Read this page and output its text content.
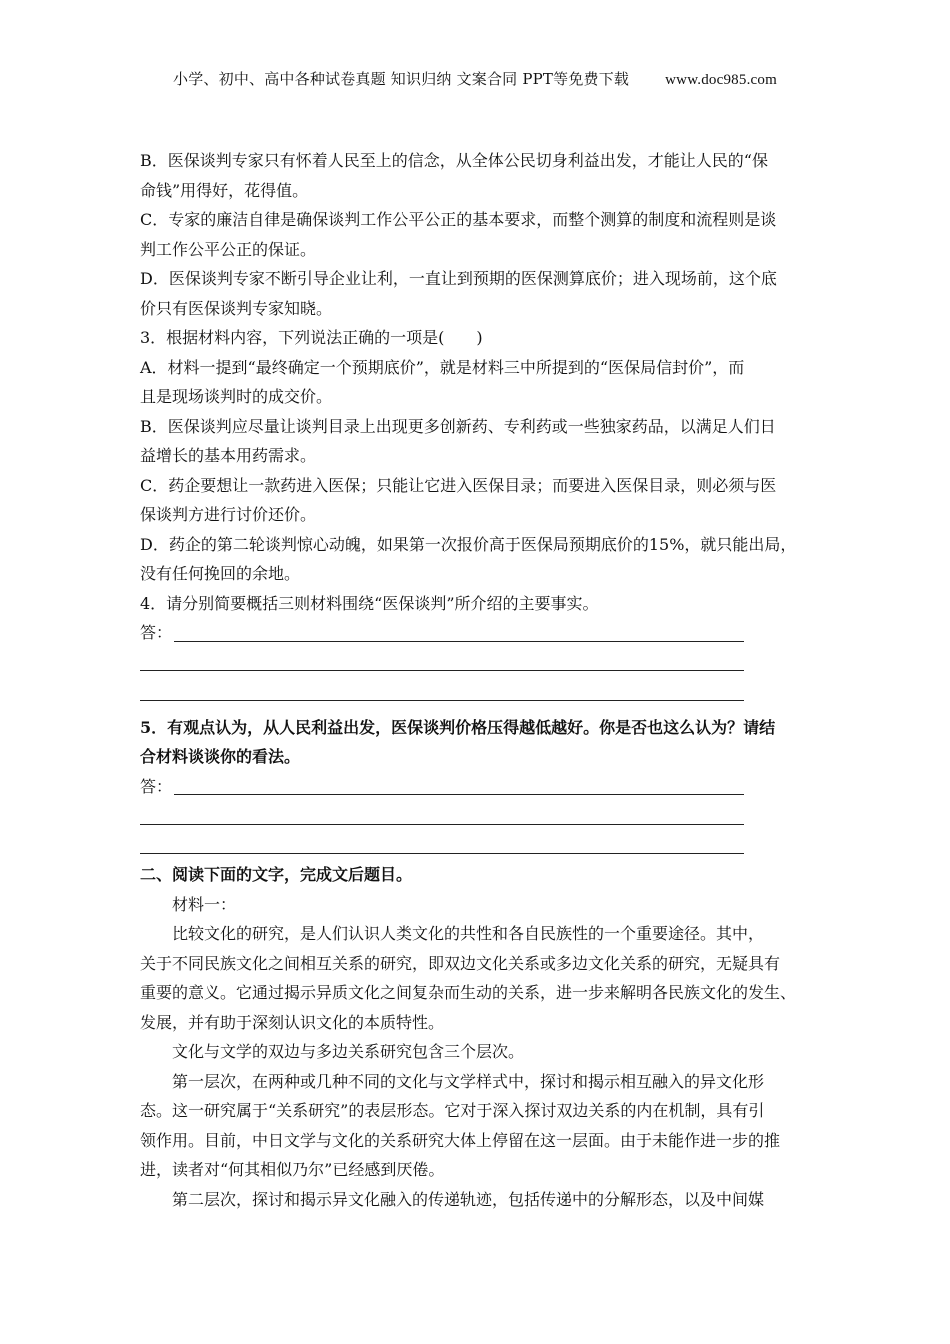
小学、初中、高中各种试卷真题 知识归纳 文案合同 PPT等免费下载 www.doc985.com

B．医保谈判专家只有怀着人民至上的信念，从全体公民切身利益出发，才能让人民的“保

命钱”用得好，花得值。

C．专家的廉洁自律是确保谈判工作公平公正的基本要求，而整个测算的制度和流程则是谈

判工作公平公正的保证。

D．医保谈判专家不断引导企业让利，一直让到预期的医保测算底价；进入现场前，这个底

价只有医保谈判专家知晓。

3．根据材料内容，下列说法正确的一项是(　　)

A．材料一提到“最终确定一个预期底价”，就是材料三中所提到的“医保局信封价”，而

且是现场谈判时的成交价。

B．医保谈判应尽量让谈判目录上出现更多创新药、专利药或一些独家药品，以满足人们日

益增长的基本用药需求。

C．药企要想让一款药进入医保；只能让它进入医保目录；而要进入医保目录，则必须与医

保谈判方进行讨价还价。

D．药企的第二轮谈判惊心动魄，如果第一次报价高于医保局预期底价的15%，就只能出局，

没有任何挽回的余地。

4．请分别简要概括三则材料围绕“医保谈判”所介绍的主要事实。

答：

5．有观点认为，从人民利益出发，医保谈判价格压得越低越好。你是否也这么认为？请结

合材料谈谈你的看法。

答：

二、阅读下面的文字，完成文后题目。

材料一：

比较文化的研究，是人们认识人类文化的共性和各自民族性的一个重要途径。其中，

关于不同民族文化之间相互关系的研究，即双边文化关系或多边文化关系的研究，无疑具有

重要的意义。它通过揭示异质文化之间复杂而生动的关系，进一步来解明各民族文化的发生、

发展，并有助于深刻认识文化的本质特性。

文化与文学的双边与多边关系研究包含三个层次。

第一层次，在两种或几种不同的文化与文学样式中，探讨和揭示相互融入的异文化形

态。这一研究属于“关系研究”的表层形态。它对于深入探讨双边关系的内在机制，具有引

领作用。目前，中日文学与文化的关系研究大体上停留在这一层面。由于未能作进一步的推

进，读者对“何其相似乃尔”已经感到厌倦。

第二层次，探讨和揭示异文化融入的传递轨迹，包括传递中的分解形态，以及中间媒
